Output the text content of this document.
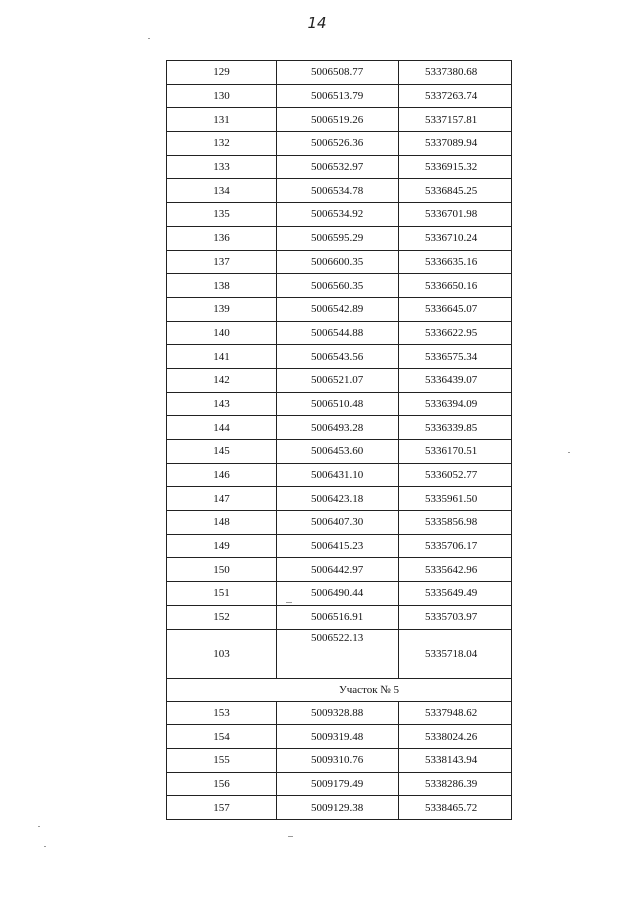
14
129	5006508.77	5337380.68
130	5006513.79	5337263.74
131	5006519.26	5337157.81
132	5006526.36	5337089.94
133	5006532.97	5336915.32
134	5006534.78	5336845.25
135	5006534.92	5336701.98
136	5006595.29	5336710.24
137	5006600.35	5336635.16
138	5006560.35	5336650.16
139	5006542.89	5336645.07
140	5006544.88	5336622.95
141	5006543.56	5336575.34
142	5006521.07	5336439.07
143	5006510.48	5336394.09
144	5006493.28	5336339.85
145	5006453.60	5336170.51
146	5006431.10	5336052.77
147	5006423.18	5335961.50
148	5006407.30	5335856.98
149	5006415.23	5335706.17
150	5006442.97	5335642.96
151	5006490.44	5335649.49
152	5006516.91	5335703.97
103	5006522.13	5335718.04
Участок № 5		
153	5009328.88	5337948.62
154	5009319.48	5338024.26
155	5009310.76	5338143.94
156	5009179.49	5338286.39
157	5009129.38	5338465.72
